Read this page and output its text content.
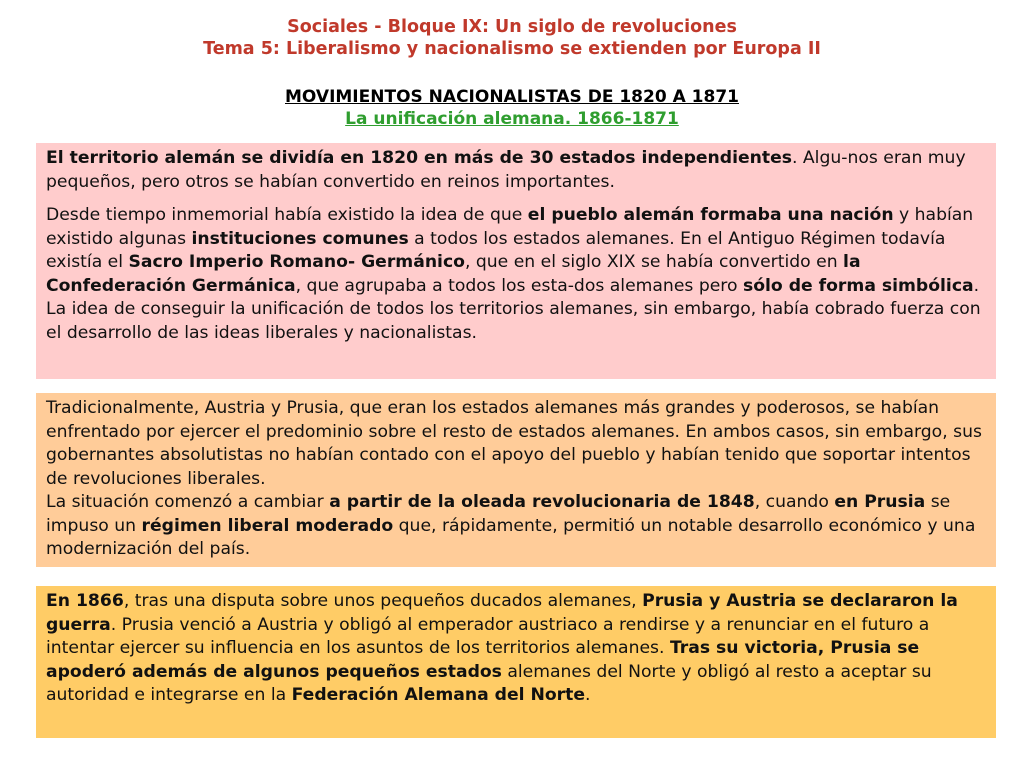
Sociales - Bloque IX: Un siglo de revoluciones
Tema 5: Liberalismo y nacionalismo se extienden por Europa II
MOVIMIENTOS NACIONALISTAS DE 1820 A 1871
La unificación alemana. 1866-1871

El territorio alemán se dividía en 1820 en más de 30 estados independientes. Algu-nos eran muy pequeños, pero otros se habían convertido en reinos importantes.

Desde tiempo inmemorial había existido la idea de que el pueblo alemán formaba una nación y habían existido algunas instituciones comunes a todos los estados alemanes. En el Antiguo Régimen todavía existía el Sacro Imperio Romano- Germánico, que en el siglo XIX se había convertido en la Confederación Germánica, que agrupaba a todos los esta-dos alemanes pero sólo de forma simbólica. La idea de conseguir la unificación de todos los territorios alemanes, sin embargo, había cobrado fuerza con el desarrollo de las ideas liberales y nacionalistas.

Tradicionalmente, Austria y Prusia, que eran los estados alemanes más grandes y poderosos, se habían enfrentado por ejercer el predominio sobre el resto de estados alemanes. En ambos casos, sin embargo, sus gobernantes absolutistas no habían contado con el apoyo del pueblo y habían tenido que soportar intentos de revoluciones liberales.

La situación comenzó a cambiar a partir de la oleada revolucionaria de 1848, cuando en Prusia se impuso un régimen liberal moderado que, rápidamente, permitió un notable desarrollo económico y una modernización del país.

En 1866, tras una disputa sobre unos pequeños ducados alemanes, Prusia y Austria se declararon la guerra. Prusia venció a Austria y obligó al emperador austriaco a rendirse y a renunciar en el futuro a intentar ejercer su influencia en los asuntos de los territorios alemanes. Tras su victoria, Prusia se apoderó además de algunos pequeños estados alemanes del Norte y obligó al resto a aceptar su autoridad e integrarse en la Federación Alemana del Norte.
